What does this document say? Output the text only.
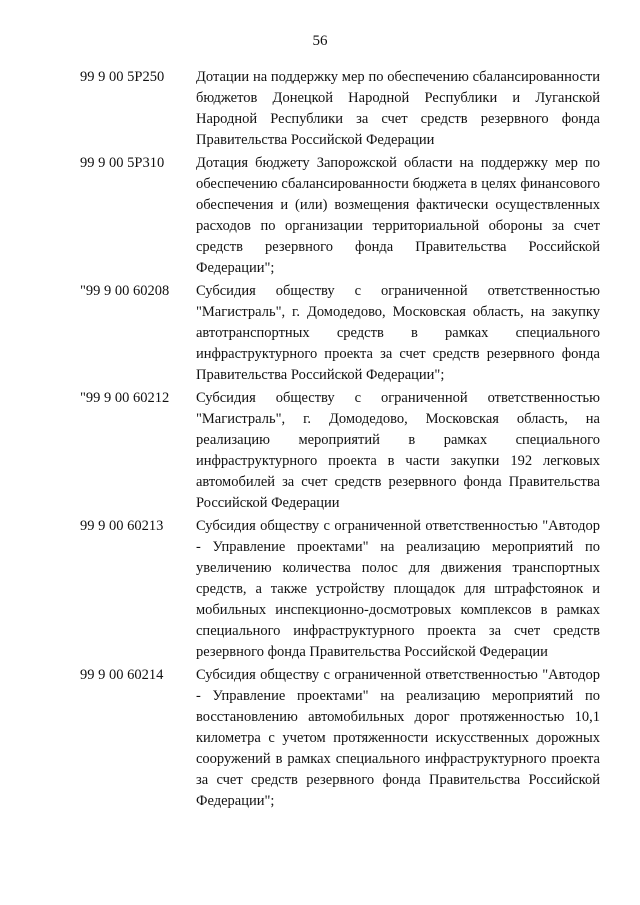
56
99 9 00 5Р250	Дотации на поддержку мер по обеспечению сбалансированности бюджетов Донецкой Народной Республики и Луганской Народной Республики за счет средств резервного фонда Правительства Российской Федерации
99 9 00 5Р310	Дотация бюджету Запорожской области на поддержку мер по обеспечению сбалансированности бюджета в целях финансового обеспечения и (или) возмещения фактически осуществленных расходов по организации территориальной обороны за счет средств резервного фонда Правительства Российской Федерации";
"99 9 00 60208	Субсидия обществу с ограниченной ответственностью "Магистраль", г. Домодедово, Московская область, на закупку автотранспортных средств в рамках специального инфраструктурного проекта за счет средств резервного фонда Правительства Российской Федерации";
"99 9 00 60212	Субсидия обществу с ограниченной ответственностью "Магистраль", г. Домодедово, Московская область, на реализацию мероприятий в рамках специального инфраструктурного проекта в части закупки 192 легковых автомобилей за счет средств резервного фонда Правительства Российской Федерации
99 9 00 60213	Субсидия обществу с ограниченной ответственностью "Автодор - Управление проектами" на реализацию мероприятий по увеличению количества полос для движения транспортных средств, а также устройству площадок для штрафстоянок и мобильных инспекционно-досмотровых комплексов в рамках специального инфраструктурного проекта за счет средств резервного фонда Правительства Российской Федерации
99 9 00 60214	Субсидия обществу с ограниченной ответственностью "Автодор - Управление проектами" на реализацию мероприятий по восстановлению автомобильных дорог протяженностью 10,1 километра с учетом протяженности искусственных дорожных сооружений в рамках специального инфраструктурного проекта за счет средств резервного фонда Правительства Российской Федерации";
